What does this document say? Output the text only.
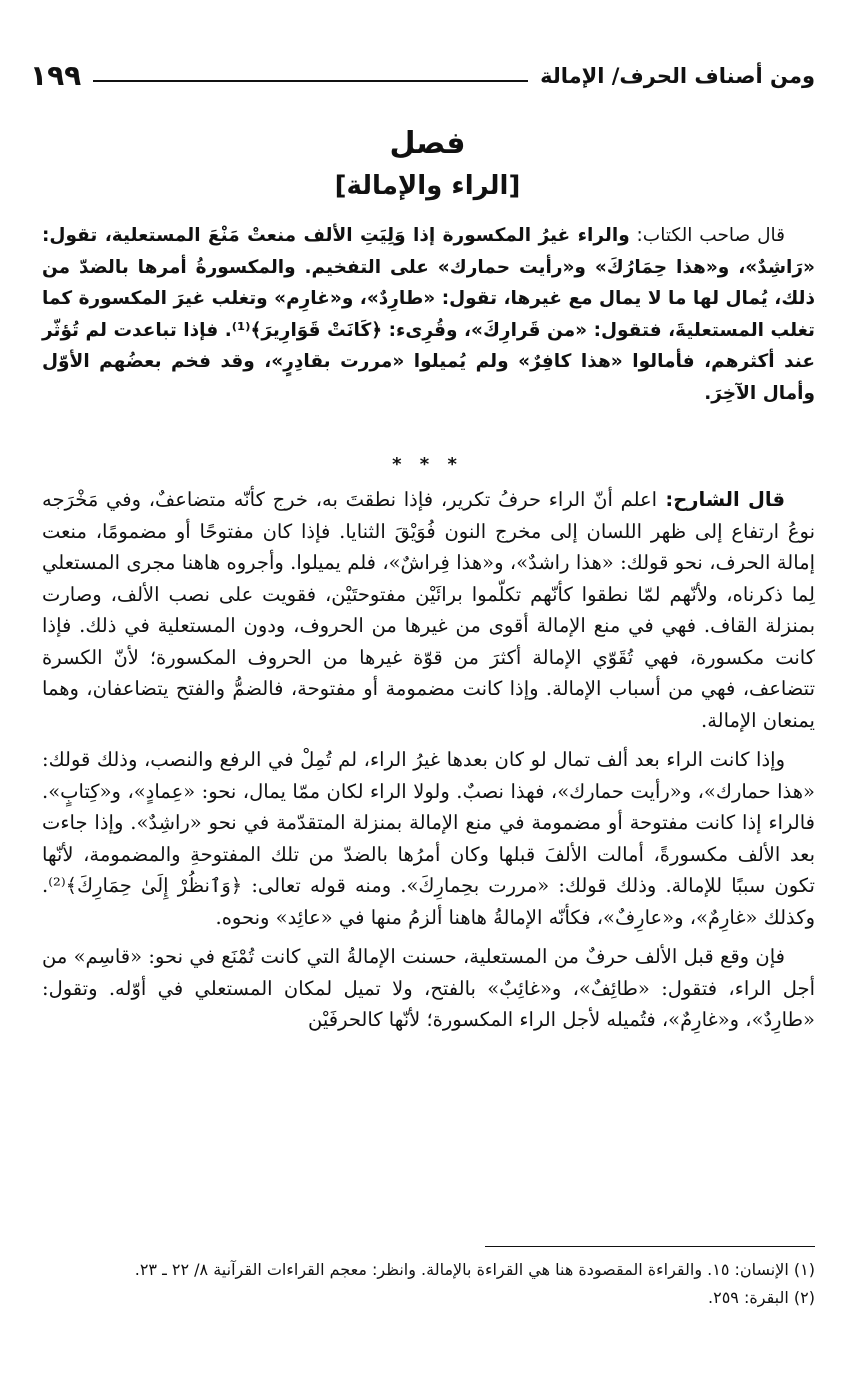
ومن أصناف الحرف/ الإمالة
١٩٩
فصل
[الراء والإمالة]

قال صاحب الكتاب: والراء غيرُ المكسورة إذا وَلِيَتِ الألف منعتْ مَنْعَ المستعلية، تقول: «رَاشِدٌ»، و«هذا حِمَارُكَ» و«رأيت حمارك» على التفخيم. والمكسورةُ أمرها بالضدّ من ذلك، يُمال لها ما لا يمال مع غيرها، تقول: «طارِدٌ»، و«غارِم» وتغلب غيرَ المكسورة كما تغلب المستعليةَ، فتقول: «من قَرارِكَ»، وقُرِىء: ﴿كَانَتْ قَوَارِيرَ﴾⁽¹⁾. فإذا تباعدت لم تُؤثّر عند أكثرهم، فأمالوا «هذا كافِرٌ» ولم يُميلوا «مررت بقادِرٍ»، وقد فخم بعضُهم الأوّل وأمال الآخِرَ.

* * *

قال الشارح: اعلم أنّ الراء حرفُ تكرير، فإذا نطقتَ به، خرج كأنّه متضاعفٌ، وفي مَخْرَجه نوعُ ارتفاع إلى ظهر اللسان إلى مخرج النون فُوَيْقَ الثنايا. فإذا كان مفتوحًا أو مضمومًا، منعت إمالة الحرف، نحو قولك: «هذا راشدٌ»، و«هذا فِراشٌ»، فلم يميلوا. وأجروه هاهنا مجرى المستعلي لِما ذكرناه، ولأنّهم لمّا نطقوا كأنّهم تكلّموا برائَيْن مفتوحتَيْن، فقويت على نصب الألف، وصارت بمنزلة القاف. فهي في منع الإمالة أقوى من غيرها من الحروف، ودون المستعلية في ذلك. فإذا كانت مكسورة، فهي تُقَوّي الإمالة أكثرَ من قوّة غيرها من الحروف المكسورة؛ لأنّ الكسرة تتضاعف، فهي من أسباب الإمالة. وإذا كانت مضمومة أو مفتوحة، فالضمُّ والفتح يتضاعفان، وهما يمنعان الإمالة.

وإذا كانت الراء بعد ألف تمال لو كان بعدها غيرُ الراء، لم تُمِلْ في الرفع والنصب، وذلك قولك: «هذا حمارك»، و«رأيت حمارك»، فهذا نصبٌ. ولولا الراء لكان ممّا يمال، نحو: «عِمادٍ»، و«كِتابٍ». فالراء إذا كانت مفتوحة أو مضمومة في منع الإمالة بمنزلة المتقدّمة في نحو «راشِدٌ». وإذا جاءت بعد الألف مكسورةً، أمالت الألفَ قبلها وكان أمرُها بالضدّ من تلك المفتوحةِ والمضمومة، لأنّها تكون سببًا للإمالة. وذلك قولك: «مررت بحِمارِكَ». ومنه قوله تعالى: ﴿وَٱنظُرْ إِلَىٰ حِمَارِكَ﴾⁽²⁾. وكذلك «غارِمٌ»، و«عارِفٌ»، فكأنّه الإمالةُ هاهنا ألزمُ منها في «عائِد» ونحوه.

فإن وقع قبل الألف حرفٌ من المستعلية، حسنت الإمالةُ التي كانت تُمْنَع في نحو: «قاسِم» من أجل الراء، فتقول: «طائِفٌ»، و«غائِبٌ» بالفتح، ولا تميل لمكان المستعلي في أوّله. وتقول: «طارِدٌ»، و«غارِمٌ»، فتُميله لأجل الراء المكسورة؛ لأنّها كالحرفَيْن

(١) الإنسان: ١٥. والقراءة المقصودة هنا هي القراءة بالإمالة. وانظر: معجم القراءات القرآنية ٨/ ٢٢ ـ ٢٣.
(٢) البقرة: ٢٥٩.
